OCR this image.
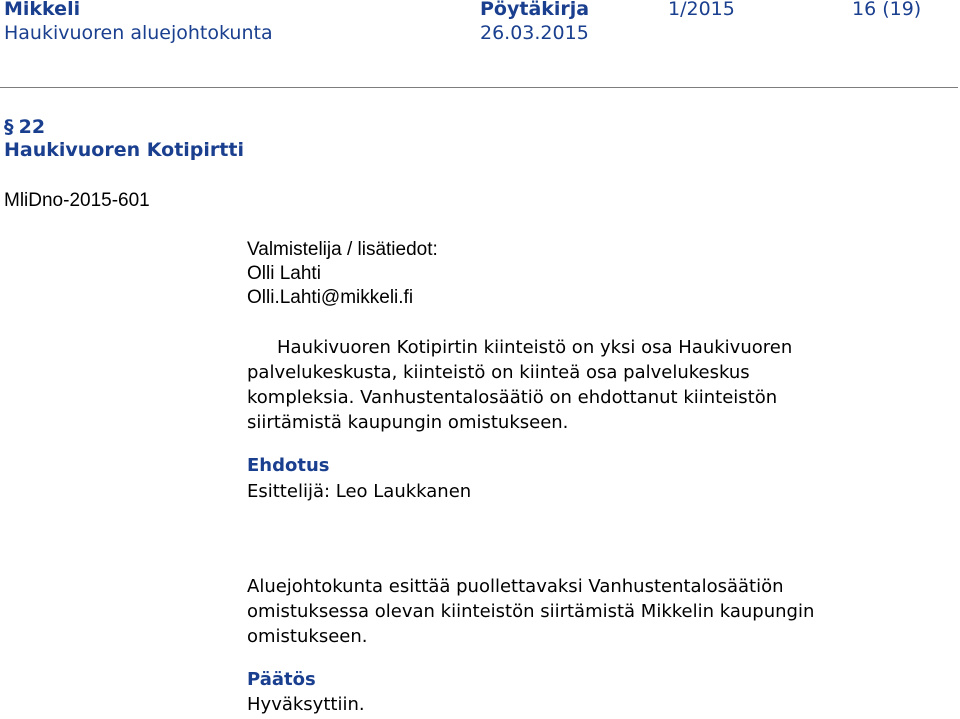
Mikkeli
Haukivuoren aluejohtokunta
Pöytäkirja
26.03.2015
1/2015	16 (19)
§ 22
Haukivuoren Kotipirtti
MliDno-2015-601
Valmistelija / lisätiedot:
Olli Lahti
Olli.Lahti@mikkeli.fi
Haukivuoren Kotipirtin kiinteistö on yksi osa Haukivuoren
palvelukeskusta, kiinteistö on kiinteä osa palvelukeskus
kompleksia. Vanhustentalosäätiö on ehdottanut kiinteistön
siirtämistä kaupungin omistukseen.
Ehdotus
Esittelijä: Leo Laukkanen
Aluejohtokunta esittää puollettavaksi Vanhustentalosäätiön
omistuksessa olevan kiinteistön siirtämistä Mikkelin kaupungin
omistukseen.
Päätös
Hyväksyttiin.
